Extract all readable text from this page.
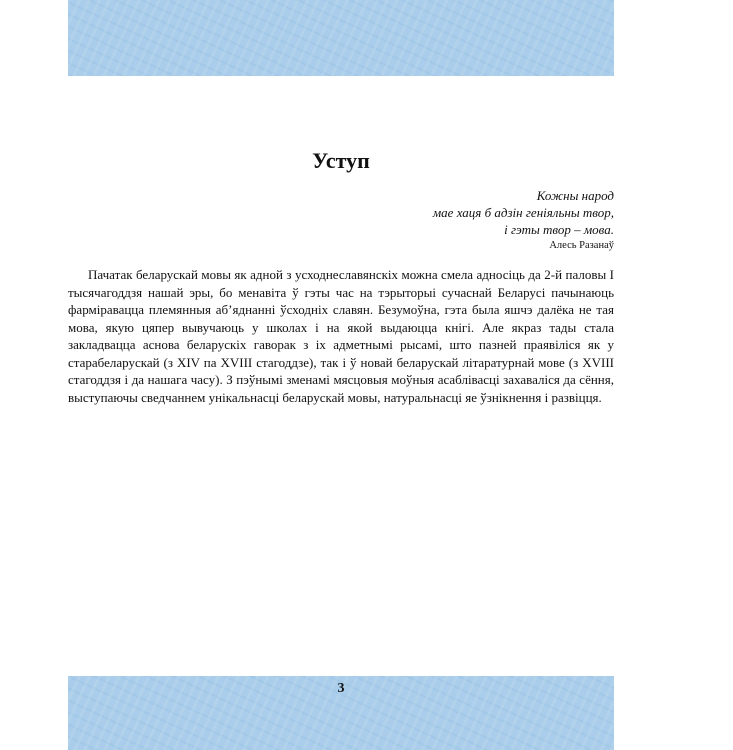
Уступ
Кожны народ
мае хаця б адзін геніяльны твор,
і гэты твор – мова.
Алесь Разанаў

Пачатак беларускай мовы як адной з усходнеславянскіх можна смела адносіць да 2-й паловы I тысячагоддзя нашай эры, бо менавіта ў гэты час на тэрыторыі сучаснай Беларусі пачынаюць фарміравацца племянныя аб’яднанні ўсходніх славян. Безумоўна, гэта была яшчэ далёка не тая мова, якую цяпер вывучаюць у школах і на якой выдаюцца кнігі. Але якраз тады стала закладвацца аснова беларускіх гаворак з іх адметнымі рысамі, што пазней праявіліся як у старабеларускай (з XIV па XVIII стагоддзе), так і ў новай беларускай літаратурнай мове (з XVIII стагоддзя і да нашага часу). З пэўнымі зменамі мясцовыя моўныя асаблівасці захаваліся да сёння, выступаючы сведчаннем унікальнасці беларускай мовы, натуральнасці яе ўзнікнення і развіцця.

3
